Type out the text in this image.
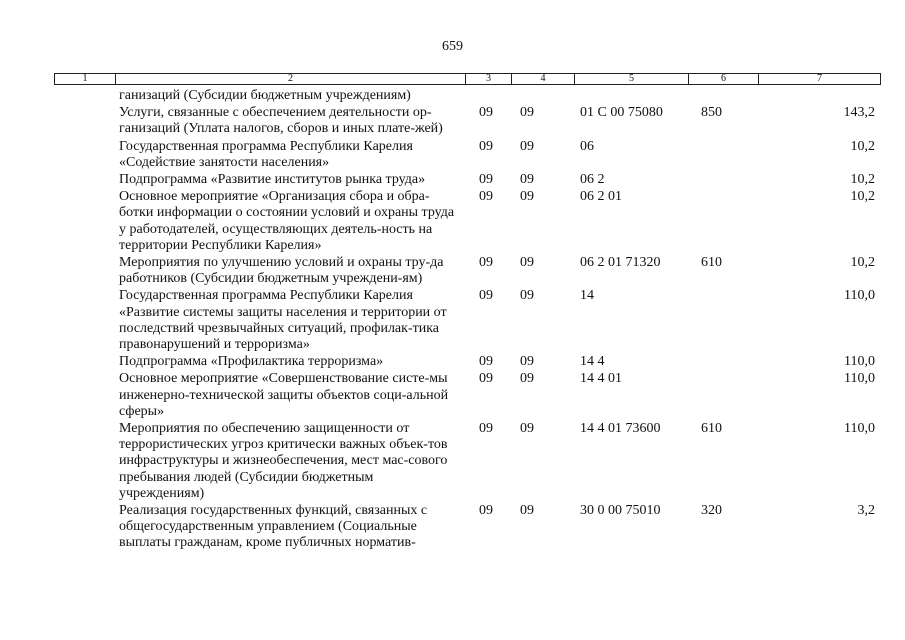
659
1	2	3	4	5	6	7
ганизаций (Субсидии бюджетным учреждениям)					
Услуги, связанные с обеспечением деятельности ор-ганизаций (Уплата налогов, сборов и иных плате-жей)	09	09	01 С 00 75080	850	143,2
Государственная программа Республики Карелия «Содействие занятости населения»	09	09	06		10,2
Подпрограмма «Развитие институтов рынка труда»	09	09	06 2		10,2
Основное мероприятие «Организация сбора и обра-ботки информации о состоянии условий и охраны труда у работодателей, осуществляющих деятель-ность на территории Республики Карелия»	09	09	06 2 01		10,2
Мероприятия по улучшению условий и охраны тру-да работников (Субсидии бюджетным учреждени-ям)	09	09	06 2 01 71320	610	10,2
Государственная программа Республики Карелия «Развитие системы защиты населения и территории от последствий чрезвычайных ситуаций, профилак-тика правонарушений и терроризма»	09	09	14		110,0
Подпрограмма «Профилактика терроризма»	09	09	14 4		110,0
Основное мероприятие «Совершенствование систе-мы инженерно-технической защиты объектов соци-альной сферы»	09	09	14 4 01		110,0
Мероприятия по обеспечению защищенности от террористических угроз критически важных объек-тов инфраструктуры и жизнеобеспечения, мест мас-сового пребывания людей (Субсидии бюджетным учреждениям)	09	09	14 4 01 73600	610	110,0
Реализация государственных функций, связанных с общегосударственным управлением (Социальные выплаты гражданам, кроме публичных норматив-	09	09	30 0 00 75010	320	3,2
